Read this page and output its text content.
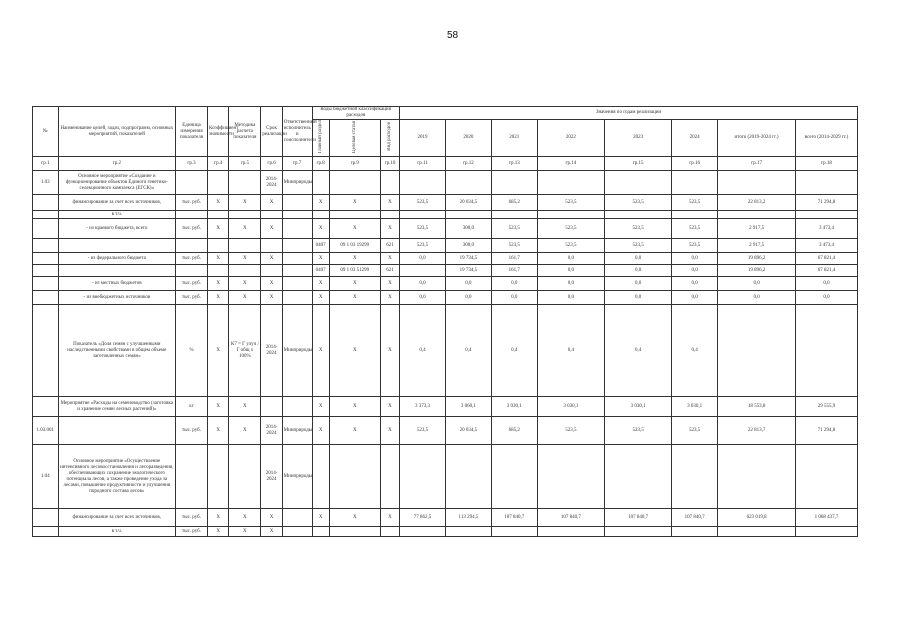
58
№	Наименование целей, задач, подпрограмм, основных мероприятий, показателей	Единица измерения показателя	Коэффициент значимости	Методика расчета показателя	Срок реализации	Ответственный исполнитель и соисполнители	Коды бюджетной классификации расходов			Значения по годам реализации							
							Главный раздел	Целевая статья	Вид расходов	2019	2020	2021	2022	2023	2024	итого (2019-2024 гг.)	всего (2014-2029 гг.)
гр.1	гр.2	гр.3	гр.4	гр.5	гр.6	гр.7	гр.8	гр.9	гр.10	гр.11	гр.12	гр.13	гр.14	гр.15	гр.16	гр.17	гр.18
1.03	Основное мероприятие «Создание и функционирование объектов Единого генетико-селекционного комплекса (ЕГСК)»				2014-2024	Минприроды											
	финансирование за счет всех источников,	тыс. руб.	X	X	X		X	X	X	523,5	20 034,5	685,2	523,5	523,5	523,5	22 813,2	71 294,8
	в т.ч.																
	- из краевого бюджета, всего	тыс. руб.	X	X	X		X	X	X	523,5	300,0	523,5	523,5	523,5	523,5	2 917,5	3 473,4
							0407	09 1 03 19299	621	523,5	300,0	523,5	523,5	523,5	523,5	2 917,5	3 473,4
	- из федерального бюджета	тыс. руб.	X	X	X		X	X	X	0,0	19 734,5	161,7	0,0	0,0	0,0	19 896,2	67 821,4
							0407	09 1 03 51299	621		19 734,5	161,7	0,0	0,0	0,0	19 896,2	67 821,4
	- из местных бюджетов	тыс. руб.	X	X	X		X	X	X	0,0	0,0	0,0	0,0	0,0	0,0	0,0	0,0
	- из внебюджетных источников	тыс. руб.	X	X	X		X	X	X	0,0	0,0	0,0	0,0	0,0	0,0	0,0	0,0
	Показатель «Доля семян с улучшенными наследственными свойствами в общем объеме заготовленных семян»	%	X	К7 = Г улуч / Г общ х 100%	2014-2024	Минприроды	X	X	X	0,4	0,4	0,4	0,4	0,4	0,4		
	Мероприятие «Расходы на семеноводство (заготовка и хранение семян лесных растений)»	кг	X	X			X	X	X	3 373,3	3 060,1	3 030,1	3 030,1	3 030,1	3 030,1	18 553,8	29 555,9
1.03.001		тыс. руб.	X	X	2014-2024	Минприроды	X	X	X	523,5	20 034,5	685,2	523,5	523,5	523,5	22 813,7	71 294,8
1.04	Основное мероприятие «Осуществление интенсивного лесовосстановления и лесоразведения, обеспечивающих сохранение экологического потенциала лесов, а также проведение ухода за лесами, повышение продуктивности и улучшения породного состава лесов»				2014-2024	Минприроды											
	финансирование за счет всех источников,	тыс. руб.	X	X	X		X	X	X	77 862,5	113 294,5	107 840,7	107 840,7	107 840,7	107 840,7	623 019,8	1 068 437,7
	в т.ч.	тыс. руб.	X	X	X												
